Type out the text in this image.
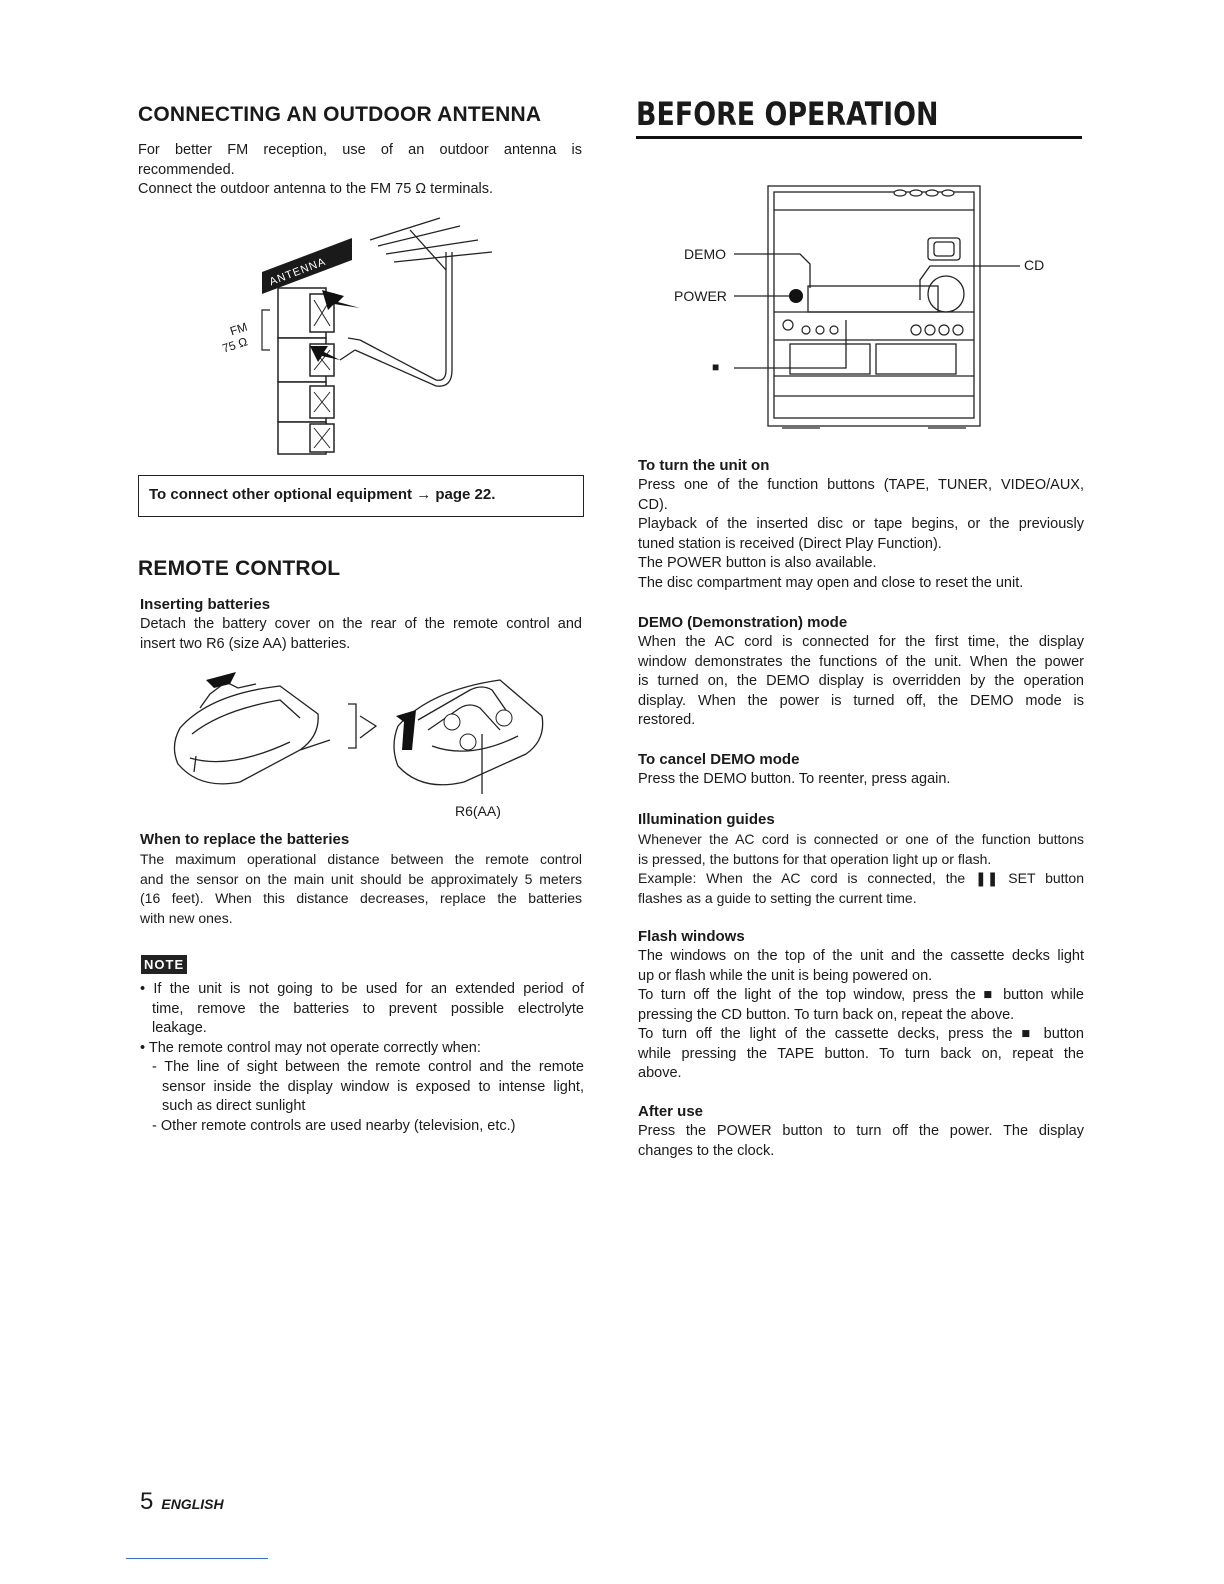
CONNECTING AN OUTDOOR ANTENNA
For better FM reception, use of an outdoor antenna is
recommended.
Connect the outdoor antenna to the FM 75 Ω terminals.
FM
75 Ω
ANTENNA
To connect other optional equipment → page 22.
REMOTE CONTROL
Inserting batteries
Detach the battery cover on the rear of the remote control and
insert two R6 (size AA) batteries.
R6(AA)
When to replace the batteries
The maximum operational distance between the remote control
and the sensor on the main unit should be approximately 5 meters
(16 feet). When this distance decreases, replace the batteries
with new ones.
NOTE
• If the unit is not going to be used for an extended period of
time, remove the batteries to prevent possible electrolyte
leakage.
• The remote control may not operate correctly when:
- The line of sight between the remote control and the remote
sensor inside the display window is exposed to intense light,
such as direct sunlight
- Other remote controls are used nearby (television, etc.)
BEFORE OPERATION
DEMO
POWER
■
CD
To turn the unit on
Press one of the function buttons (TAPE, TUNER, VIDEO/AUX,
CD).
Playback of the inserted disc or tape begins, or the previously
tuned station is received (Direct Play Function).
The POWER button is also available.
The disc compartment may open and close to reset the unit.
DEMO (Demonstration) mode
When the AC cord is connected for the first time, the display
window demonstrates the functions of the unit. When the power
is turned on, the DEMO display is overridden by the operation
display. When the power is turned off, the DEMO mode is
restored.
To cancel DEMO mode
Press the DEMO button. To reenter, press again.
Illumination guides
Whenever the AC cord is connected or one of the function buttons
is pressed, the buttons for that operation light up or flash.
Example: When the AC cord is connected, the ❚❚ SET button
flashes as a guide to setting the current time.
Flash windows
The windows on the top of the unit and the cassette decks light
up or flash while the unit is being powered on.
To turn off the light of the top window, press the ■ button while
pressing the CD button. To turn back on, repeat the above.
To turn off the light of the cassette decks, press the ■ button
while pressing the TAPE button. To turn back on, repeat the
above.
After use
Press the POWER button to turn off the power. The display
changes to the clock.
5 ENGLISH
